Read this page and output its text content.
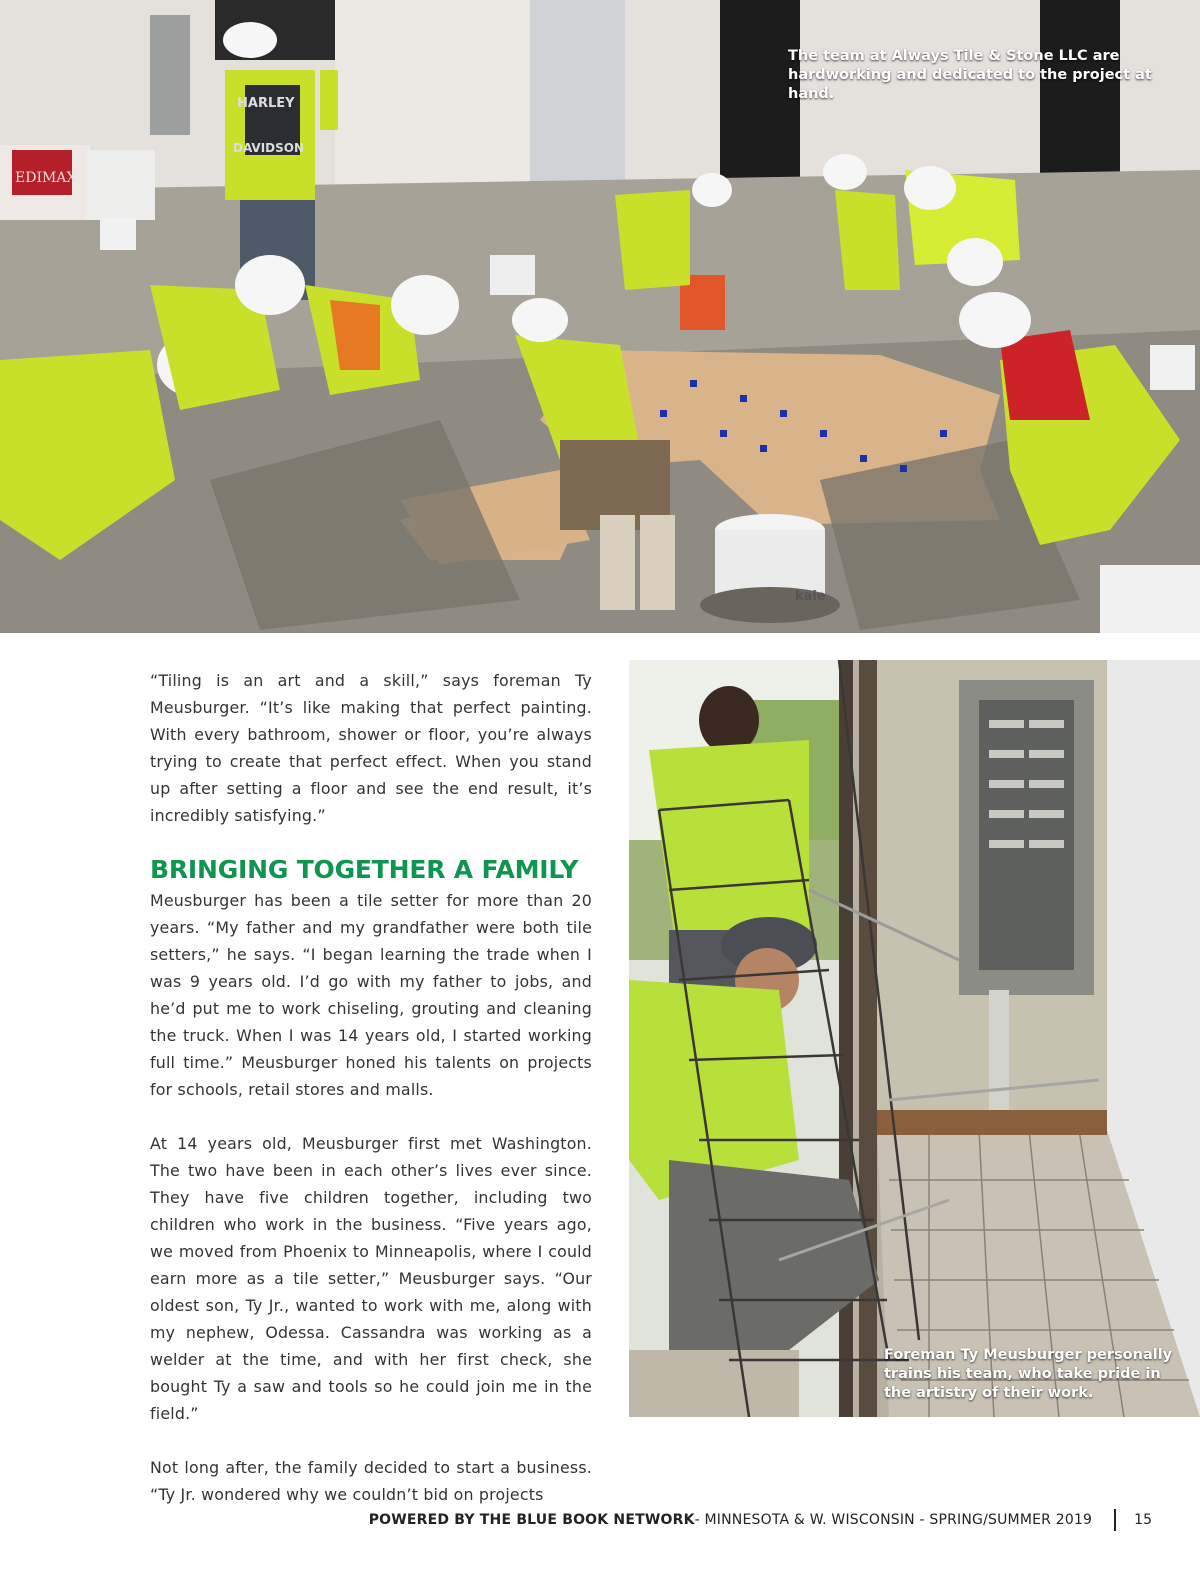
EDIMAX
kale
HARLEY
DAVIDSON
The team at Always Tile & Stone LLC are hardworking and dedicated to the project at hand.

“Tiling is an art and a skill,” says foreman Ty Meusburger. “It’s like making that perfect painting. With every bathroom, shower or floor, you’re always trying to create that perfect effect. When you stand up after setting a floor and see the end result, it’s incredibly satisfying.”

BRINGING TOGETHER A FAMILY

Meusburger has been a tile setter for more than 20 years. “My father and my grandfather were both tile setters,” he says. “I began learning the trade when I was 9 years old. I’d go with my father to jobs, and he’d put me to work chiseling, grouting and cleaning the truck. When I was 14 years old, I started working full time.” Meusburger honed his talents on projects for schools, retail stores and malls.

At 14 years old, Meusburger first met Washington. The two have been in each other’s lives ever since. They have five children together, including two children who work in the business. “Five years ago, we moved from Phoenix to Minneapolis, where I could earn more as a tile setter,” Meusburger says. “Our oldest son, Ty Jr., wanted to work with me, along with my nephew, Odessa. Cassandra was working as a welder at the time, and with her first check, she bought Ty a saw and tools so he could join me in the field.”

Not long after, the family decided to start a business. “Ty Jr. wondered why we couldn’t bid on projects

Foreman Ty Meusburger personally trains his team, who take pride in the artistry of their work.
POWERED BY THE BLUE BOOK NETWORK - MINNESOTA & W. WISCONSIN - SPRING/SUMMER 2019	15
